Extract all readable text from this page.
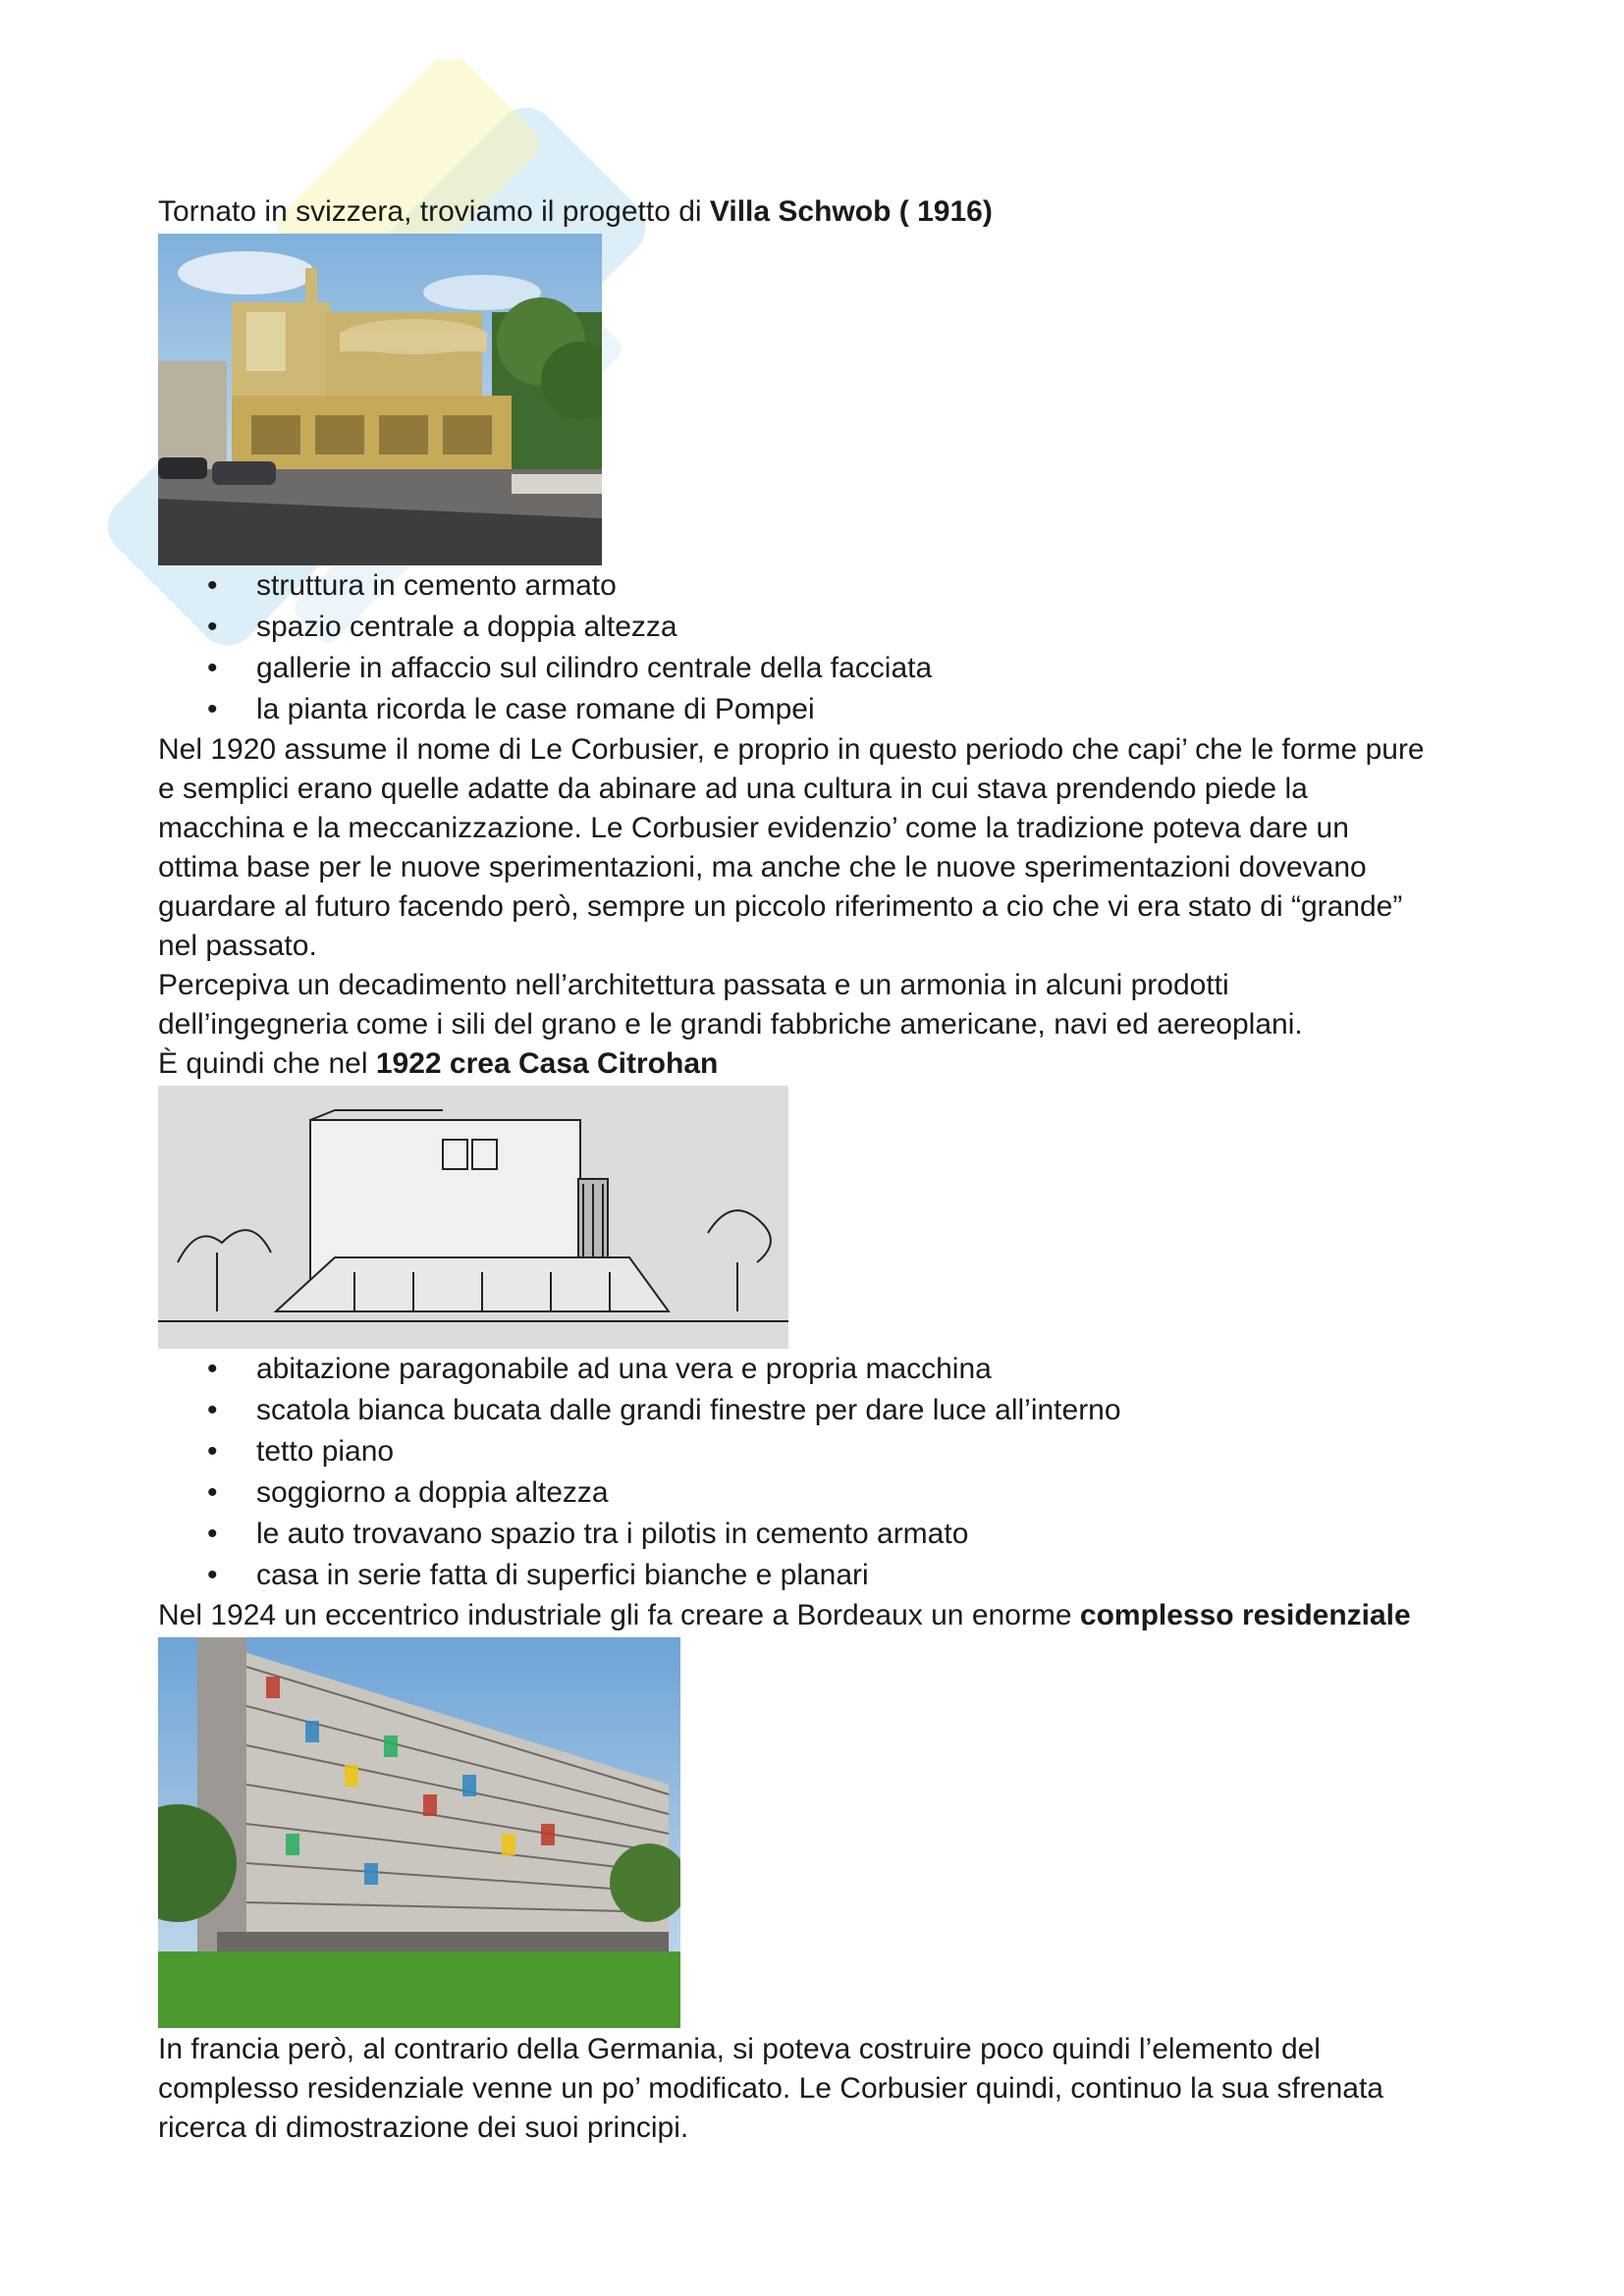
Tornato in svizzera, troviamo il progetto di Villa Schwob ( 1916)

• struttura in cemento armato
• spazio centrale a doppia altezza
• gallerie in affaccio sul cilindro centrale della facciata
• la pianta ricorda le case romane di Pompei

Nel 1920 assume il nome di Le Corbusier, e proprio in questo periodo che capi’ che le forme pure

e semplici erano quelle adatte da abinare ad una cultura in cui stava prendendo piede la

macchina e la meccanizzazione. Le Corbusier evidenzio’ come la tradizione poteva dare un

ottima base per le nuove sperimentazioni, ma anche che le nuove sperimentazioni dovevano

guardare al futuro facendo però, sempre un piccolo riferimento a cio che vi era stato di “grande”

nel passato.

Percepiva un decadimento nell’architettura passata e un armonia in alcuni prodotti

dell’ingegneria come i sili del grano e le grandi fabbriche americane, navi ed aereoplani.

È quindi che nel 1922 crea Casa Citrohan

• abitazione paragonabile ad una vera e propria macchina
• scatola bianca bucata dalle grandi finestre per dare luce all’interno
• tetto piano
• soggiorno a doppia altezza
• le auto trovavano spazio tra i pilotis in cemento armato
• casa in serie fatta di superfici bianche e planari

Nel 1924 un eccentrico industriale gli fa creare a Bordeaux un enorme complesso residenziale

In francia però, al contrario della Germania, si poteva costruire poco quindi l’elemento del

complesso residenziale venne un po’ modificato. Le Corbusier quindi, continuo la sua sfrenata

ricerca di dimostrazione dei suoi principi.
